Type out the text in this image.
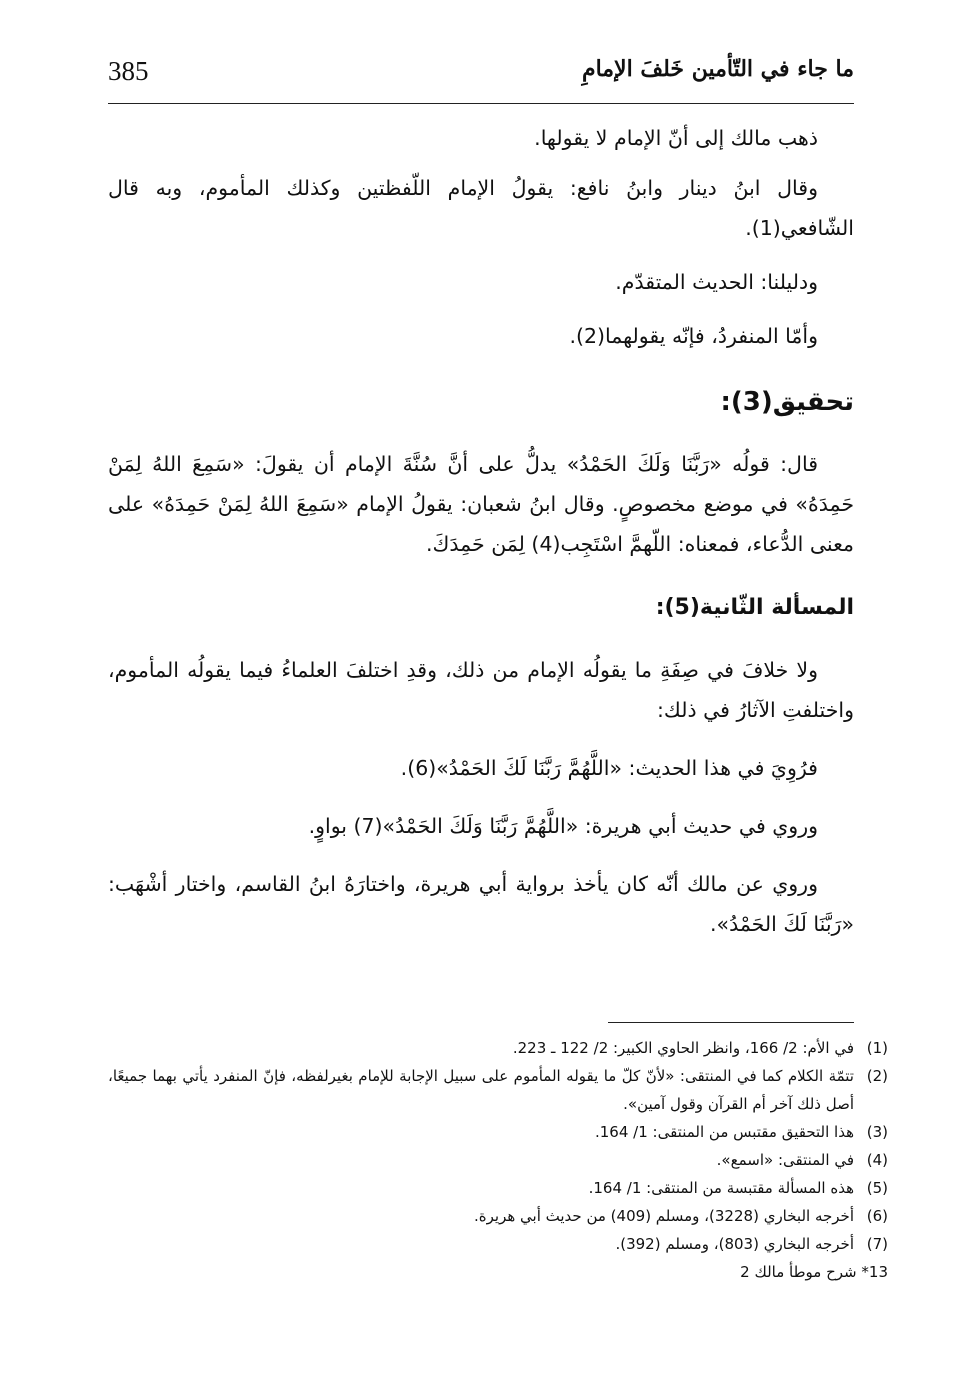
385	ما جاء في التّأمين خَلفَ الإمامِ

ذهب مالك إلى أنّ الإمام لا يقولها.

وقال ابنُ دينار وابنُ نافع: يقولُ الإمام اللّفظتين وكذلك المأموم، وبه قال الشّافعي(1).

ودليلنا: الحديث المتقدّم.

وأمّا المنفردُ، فإنّه يقولهما(2).

تحقيق(3):

قال: قولُه «رَبَّنَا وَلَكَ الحَمْدُ» يدلُّ على أنَّ سُنَّةَ الإمام أن يقولَ: «سَمِعَ اللهُ لِمَنْ حَمِدَهُ» في موضع مخصوصٍ. وقال ابنُ شعبان: يقولُ الإمام «سَمِعَ اللهُ لِمَنْ حَمِدَهُ» على معنى الدُّعاء، فمعناه: اللّهمَّ اسْتَجِب(4) لِمَن حَمِدَكَ.

المسألة الثّانية(5):

ولا خلافَ في صِفَةِ ما يقولُه الإمام من ذلك، وقدِ اختلفَ العلماءُ فيما يقولُه المأموم، واختلفتِ الآثارُ في ذلك:

فرُوِيَ في هذا الحديث: «اللَّهُمَّ رَبَّنَا لَكَ الحَمْدُ»(6).

وروي في حديث أبي هريرة: «اللَّهُمَّ رَبَّنَا وَلَكَ الحَمْدُ»(7) بواوٍ.

وروي عن مالك أنّه كان يأخذ برواية أبي هريرة، واختارَهُ ابنُ القاسم، واختار أشْهَب: «رَبَّنَا لَكَ الحَمْدُ».

(1)
في الأم: 2/ 166، وانظر الحاوي الكبير: 2/ 122 ـ 223.
(2)
تتمّة الكلام كما في المنتقى: «لأنّ كلّ ما يقوله المأموم على سبيل الإجابة للإمام بغيرلفظه، فإنّ المنفرد يأتي بهما جميعًا، أصل ذلك آخر أم القرآن وقول آمين».
(3)
هذا التحقيق مقتبس من المنتقى: 1/ 164.
(4)
في المنتقى: «اسمع».
(5)
هذه المسألة مقتبسة من المنتقى: 1/ 164.
(6)
أخرجه البخاري (3228)، ومسلم (409) من حديث أبي هريرة.
(7)
أخرجه البخاري (803)، ومسلم (392).
13* شرح موطأ مالك 2
